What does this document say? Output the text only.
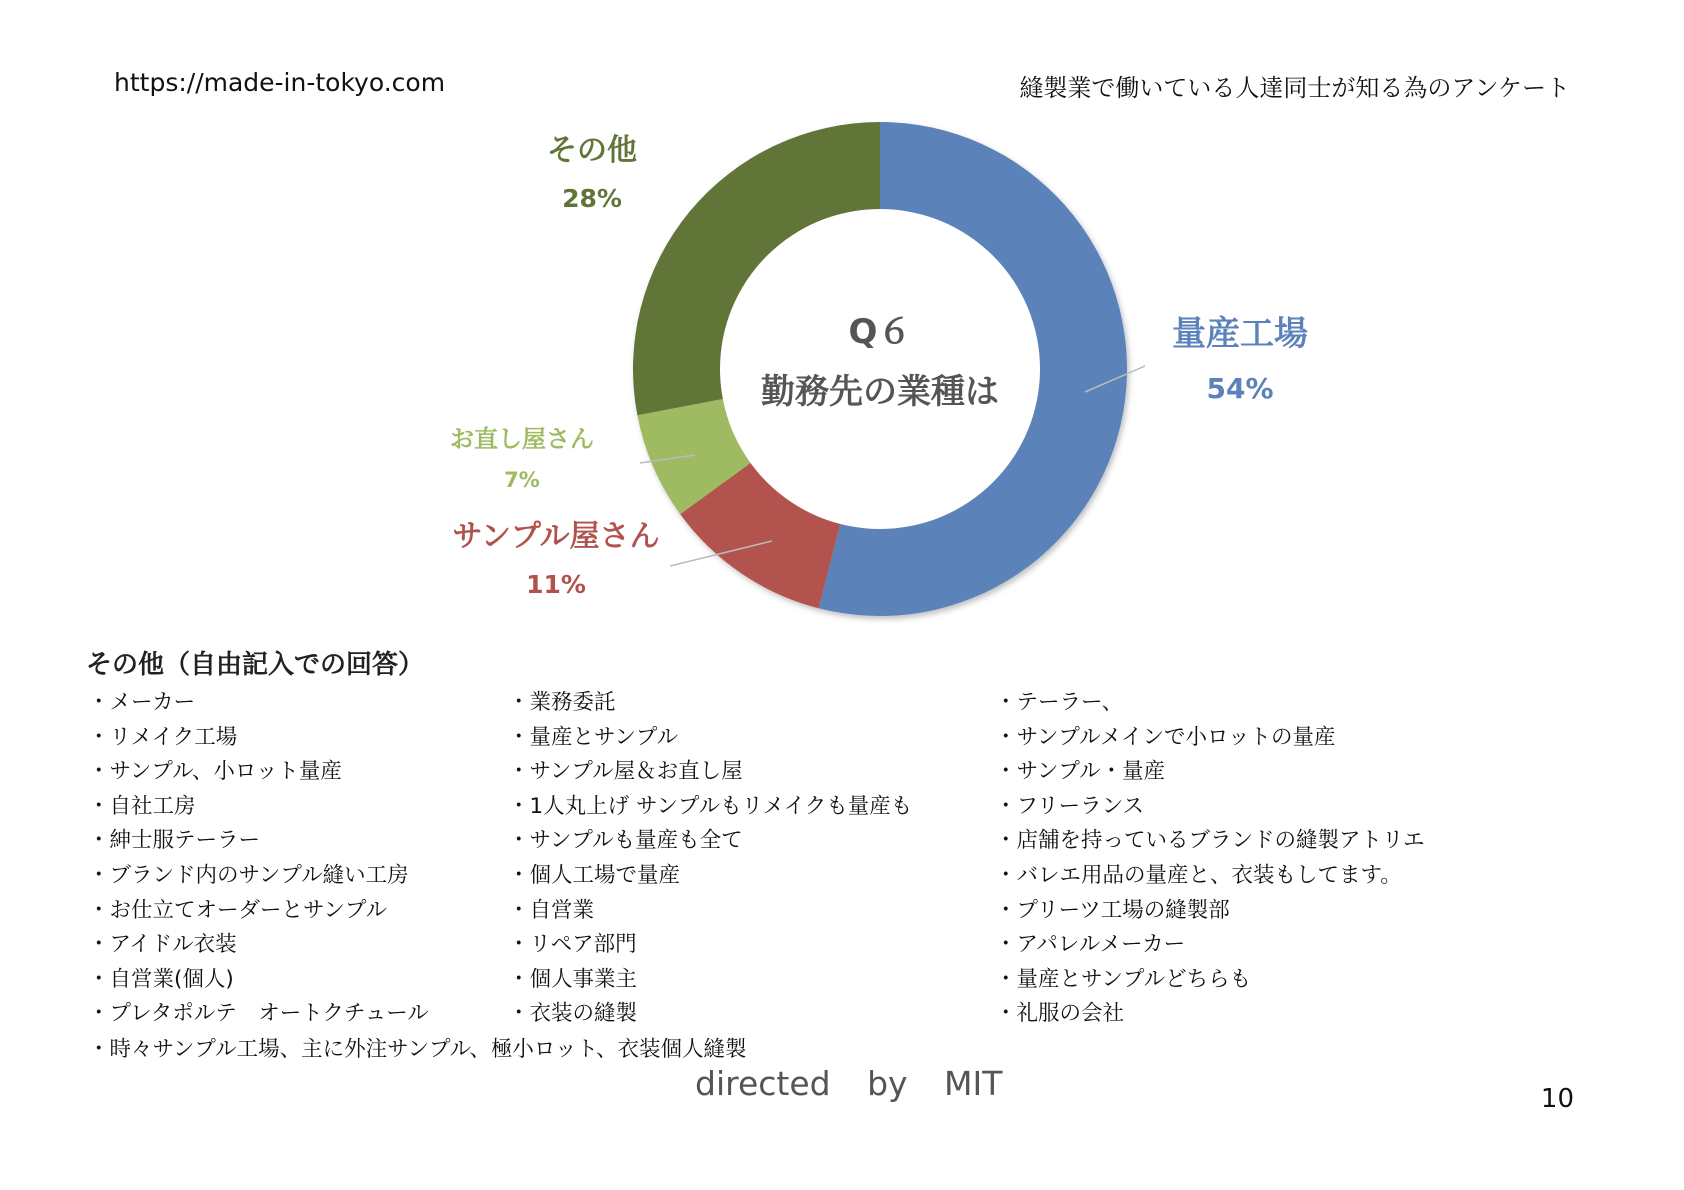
https://made-in-tokyo.com	縫製業で働いている人達同士が知る為のアンケート
量産工場
54%
サンプル屋さん
11%
お直し屋さん
7%
その他
28%
Q６
勤務先の業種は
その他（自由記入での回答）
・メーカー
・リメイク工場
・サンプル、小ロット量産
・自社工房
・紳士服テーラー
・ブランド内のサンプル縫い工房
・お仕立てオーダーとサンプル
・アイドル衣装
・自営業(個人)
・プレタポルテ　オートクチュール
・業務委託
・量産とサンプル
・サンプル屋＆お直し屋
・1人丸上げ サンプルもリメイクも量産も
・サンプルも量産も全て
・個人工場で量産
・自営業
・リペア部門
・個人事業主
・衣装の縫製
・テーラー、
・サンプルメインで小ロットの量産
・サンプル・量産
・フリーランス
・店舗を持っているブランドの縫製アトリエ
・バレエ用品の量産と、衣装もしてます。
・プリーツ工場の縫製部
・アパレルメーカー
・量産とサンプルどちらも
・礼服の会社
・時々サンプル工場、主に外注サンプル、極小ロット、衣装個人縫製
directed by MIT	10
